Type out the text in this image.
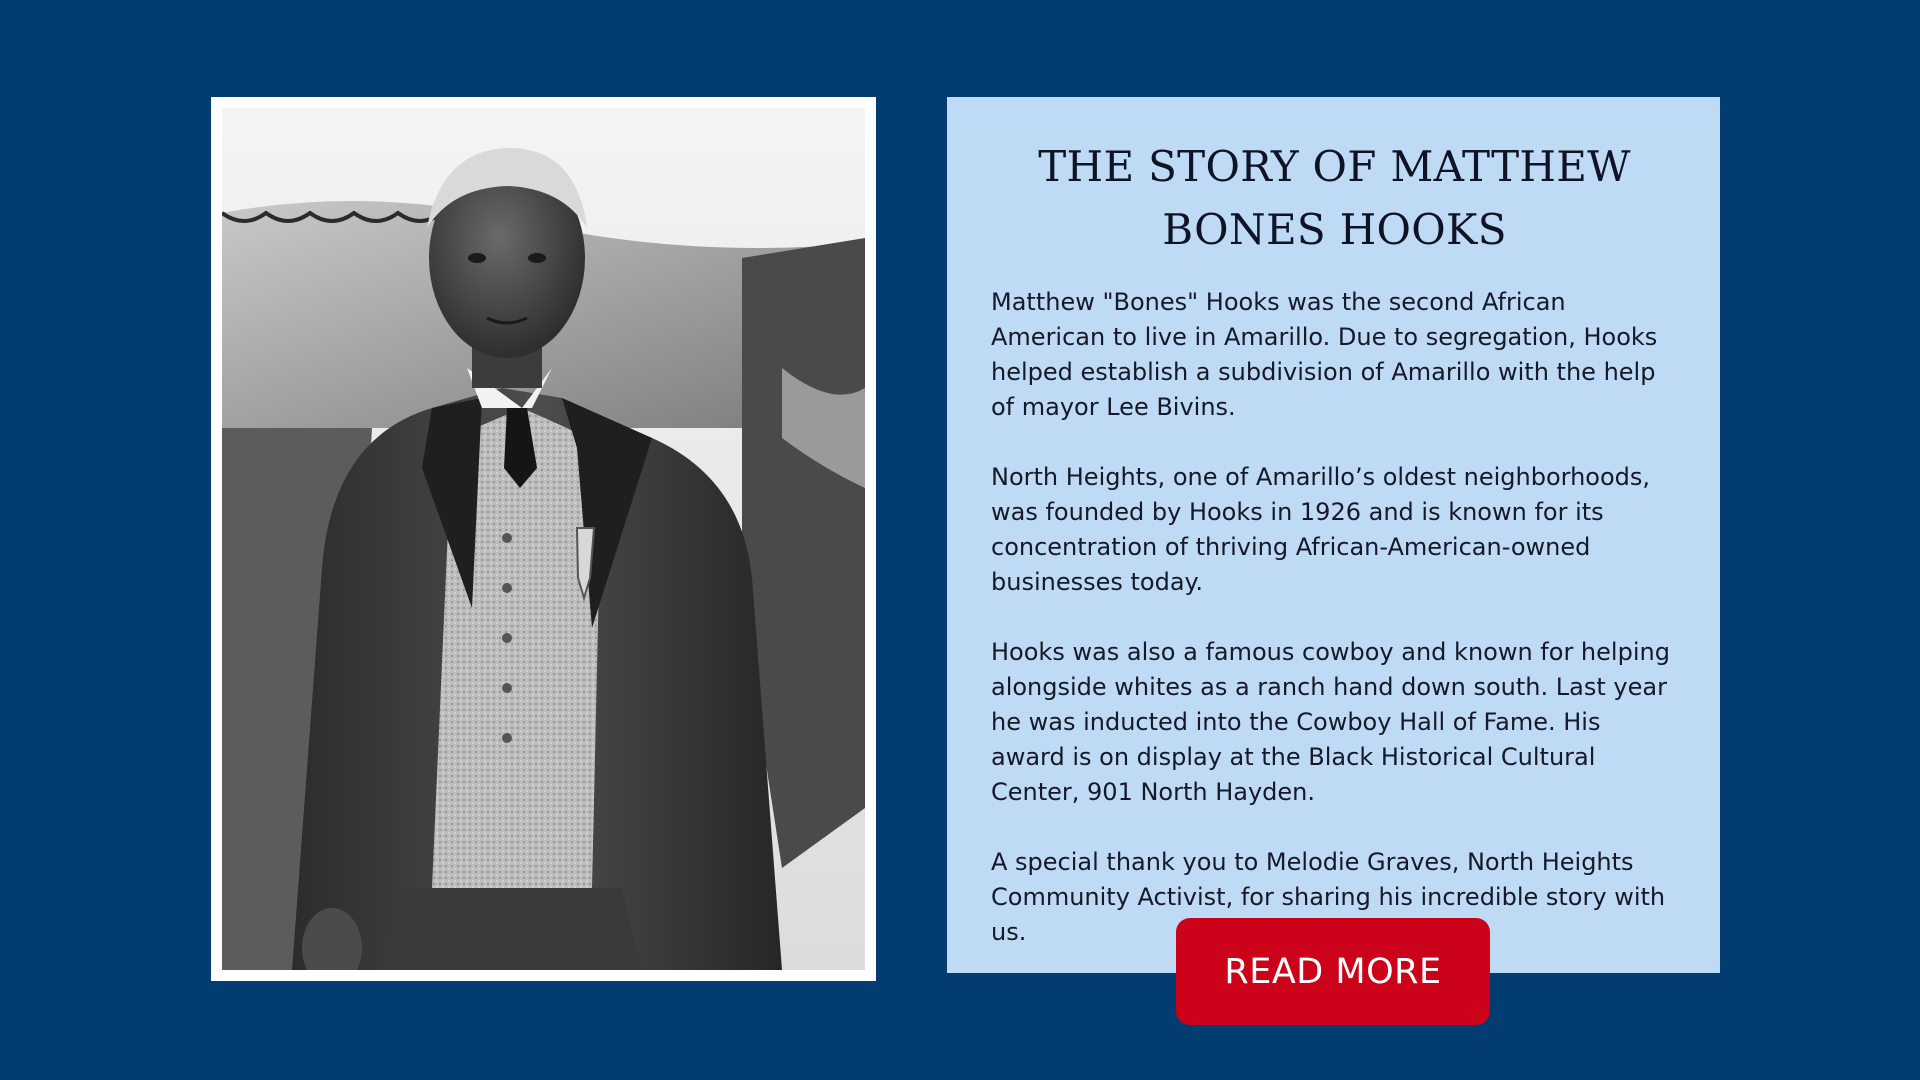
THE STORY OF MATTHEW BONES HOOKS

Matthew "Bones" Hooks was the second African American to live in Amarillo. Due to segregation, Hooks helped establish a subdivision of Amarillo with the help of mayor Lee Bivins.

North Heights, one of Amarillo’s oldest neighborhoods, was founded by Hooks in 1926 and is known for its concentration of thriving African-American-owned businesses today.

Hooks was also a famous cowboy and known for helping alongside whites as a ranch hand down south. Last year he was inducted into the Cowboy Hall of Fame. His award is on display at the Black Historical Cultural Center, 901 North Hayden.

A special thank you to Melodie Graves, North Heights Community Activist, for sharing his incredible story with us.

READ MORE
